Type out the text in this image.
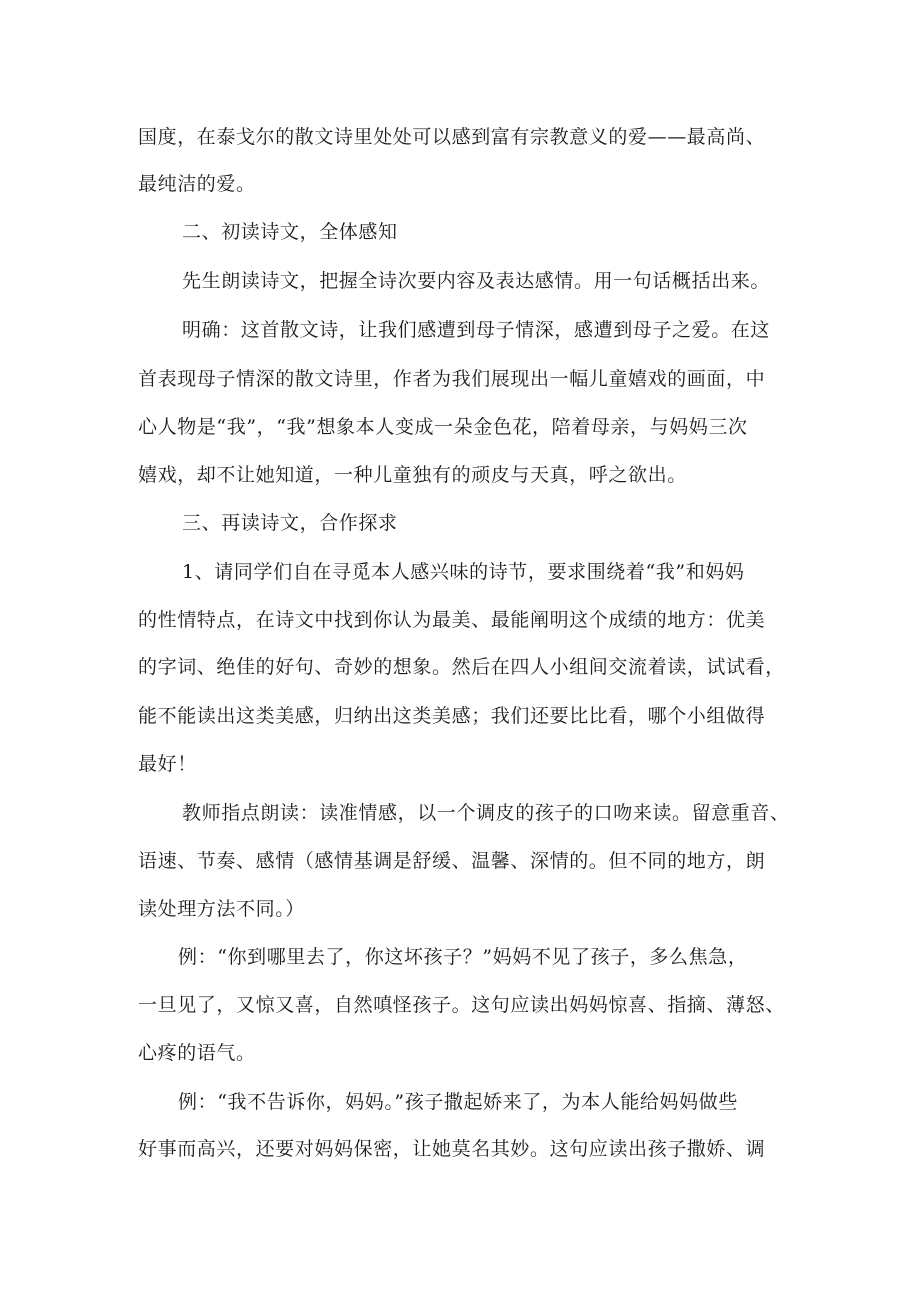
国度，在泰戈尔的散文诗里处处可以感到富有宗教意义的爱——最高尚、
最纯洁的爱。
二、初读诗文，全体感知
先生朗读诗文，把握全诗次要内容及表达感情。用一句话概括出来。
明确：这首散文诗，让我们感遭到母子情深，感遭到母子之爱。在这
首表现母子情深的散文诗里，作者为我们展现出一幅儿童嬉戏的画面，中
心人物是“我”，“我”想象本人变成一朵金色花，陪着母亲，与妈妈三次
嬉戏，却不让她知道，一种儿童独有的顽皮与天真，呼之欲出。
三、再读诗文，合作探求
1、请同学们自在寻觅本人感兴味的诗节，要求围绕着“我”和妈妈
的性情特点，在诗文中找到你认为最美、最能阐明这个成绩的地方：优美
的字词、绝佳的好句、奇妙的想象。然后在四人小组间交流着读，试试看，
能不能读出这类美感，归纳出这类美感；我们还要比比看，哪个小组做得
最好！
教师指点朗读：读准情感，以一个调皮的孩子的口吻来读。留意重音、
语速、节奏、感情（感情基调是舒缓、温馨、深情的。但不同的地方，朗
读处理方法不同。）
例：“你到哪里去了，你这坏孩子？”妈妈不见了孩子，多么焦急，
一旦见了，又惊又喜，自然嗔怪孩子。这句应读出妈妈惊喜、指摘、薄怒、
心疼的语气。
例：“我不告诉你，妈妈。”孩子撒起娇来了，为本人能给妈妈做些
好事而高兴，还要对妈妈保密，让她莫名其妙。这句应读出孩子撒娇、调
